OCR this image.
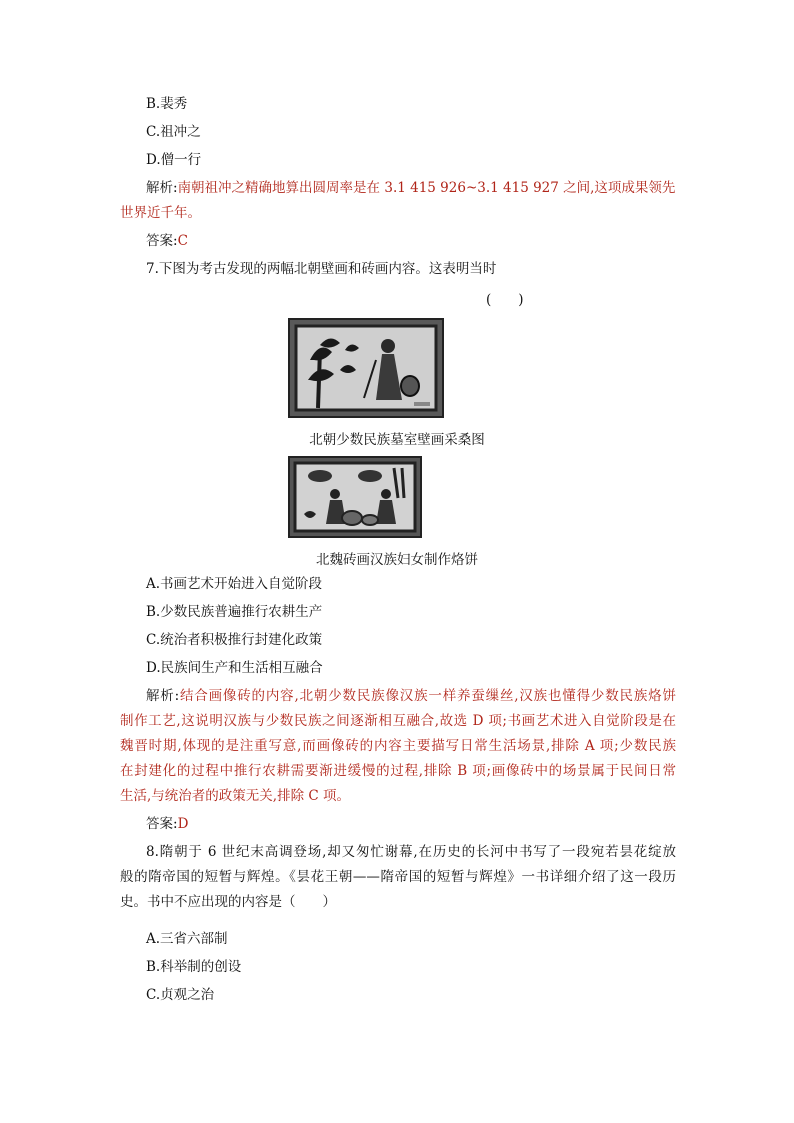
B.裴秀
C.祖冲之
D.僧一行
解析:南朝祖冲之精确地算出圆周率是在 3.1 415 926~3.1 415 927 之间,这项成果领先
世界近千年。
答案:C
7.下图为考古发现的两幅北朝壁画和砖画内容。这表明当时
(　　)
北朝少数民族墓室壁画采桑图
北魏砖画汉族妇女制作烙饼
A.书画艺术开始进入自觉阶段
B.少数民族普遍推行农耕生产
C.统治者积极推行封建化政策
D.民族间生产和生活相互融合
解析:结合画像砖的内容,北朝少数民族像汉族一样养蚕缫丝,汉族也懂得少数民族烙饼
制作工艺,这说明汉族与少数民族之间逐渐相互融合,故选 D 项;书画艺术进入自觉阶段是在
魏晋时期,体现的是注重写意,而画像砖的内容主要描写日常生活场景,排除 A 项;少数民族
在封建化的过程中推行农耕需要渐进缓慢的过程,排除 B 项;画像砖中的场景属于民间日常
生活,与统治者的政策无关,排除 C 项。
答案:D
8.隋朝于 6 世纪末高调登场,却又匆忙谢幕,在历史的长河中书写了一段宛若昙花绽放
般的隋帝国的短暂与辉煌。《昙花王朝——隋帝国的短暂与辉煌》一书详细介绍了这一段历
史。书中不应出现的内容是（　　）
A.三省六部制
B.科举制的创设
C.贞观之治
